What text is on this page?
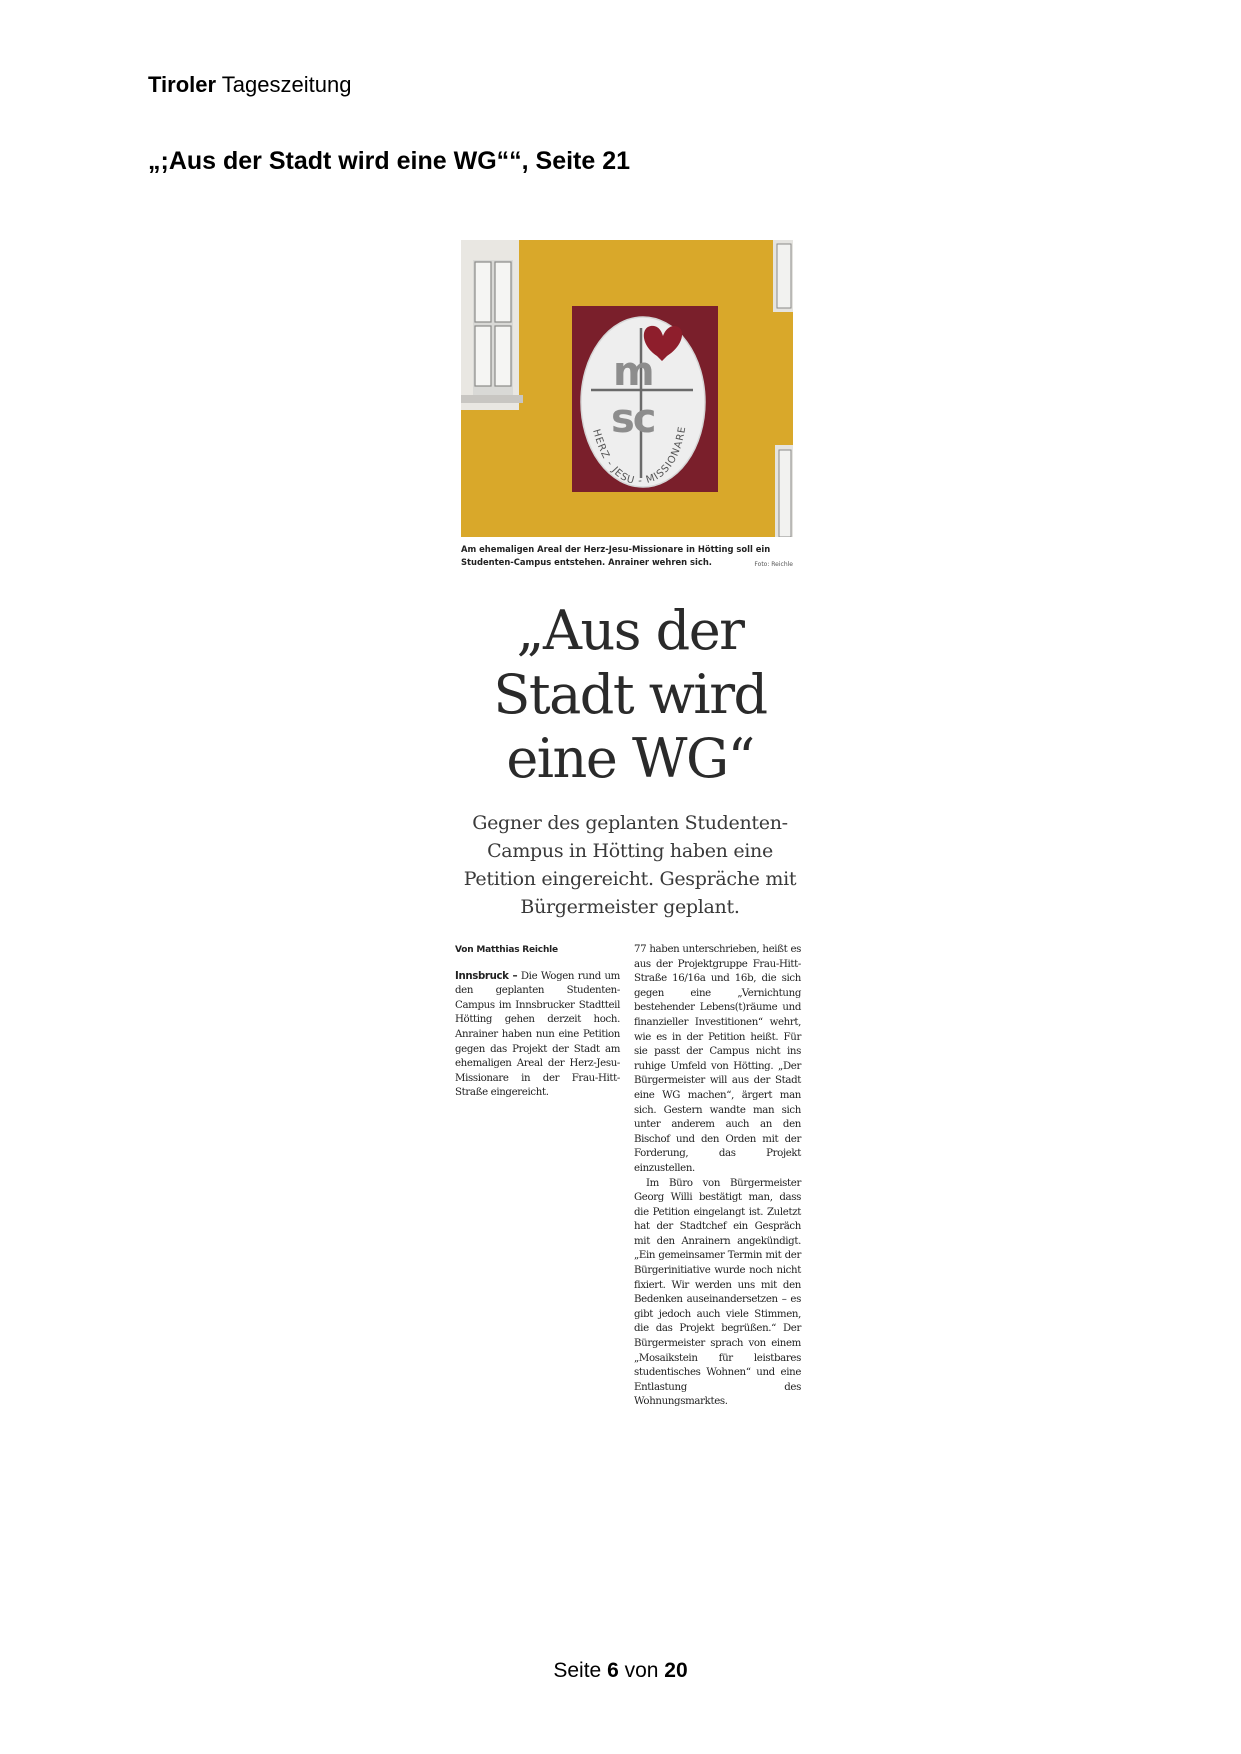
Tiroler Tageszeitung
„;Aus der Stadt wird eine WG““, Seite 21
m
sc
HERZ - JESU - MISSIONARE
Am ehemaligen Areal der Herz-Jesu-Missionare in Hötting soll ein Studenten-Campus entstehen. Anrainer wehren sich.	Foto: Reichle
„Aus der
Stadt wird
eine WG“
Gegner des geplanten Studenten-Campus in Hötting haben eine Petition eingereicht. Gespräche mit Bürgermeister geplant.
Von Matthias Reichle

Innsbruck – Die Wogen rund um den geplanten Studenten-Campus im Innsbrucker Stadtteil Hötting gehen derzeit hoch. Anrainer haben nun eine Petition gegen das Projekt der Stadt am ehemaligen Areal der Herz-Jesu-Missionare in der Frau-Hitt-Straße eingereicht.

77 haben unterschrieben, heißt es aus der Projektgruppe Frau-Hitt-Straße 16/16a und 16b, die sich gegen eine „Vernichtung bestehender Lebens(t)räume und finanzieller Investitionen“ wehrt, wie es in der Petition heißt. Für sie passt der Campus nicht ins ruhige Umfeld von Hötting. „Der Bürgermeister will aus der Stadt eine WG machen“, ärgert man sich. Gestern wandte man sich unter anderem auch an den Bischof und den Orden mit der Forderung, das Projekt einzustellen.

Im Büro von Bürgermeister Georg Willi bestätigt man, dass die Petition eingelangt ist. Zuletzt hat der Stadtchef ein Gespräch mit den Anrainern angekündigt. „Ein gemeinsamer Termin mit der Bürgerinitiative wurde noch nicht fixiert. Wir werden uns mit den Bedenken auseinandersetzen – es gibt jedoch auch viele Stimmen, die das Projekt begrüßen.“ Der Bürgermeister sprach von einem „Mosaikstein für leistbares studentisches Wohnen“ und eine Entlastung des Wohnungsmarktes.

Seite 6 von 20
